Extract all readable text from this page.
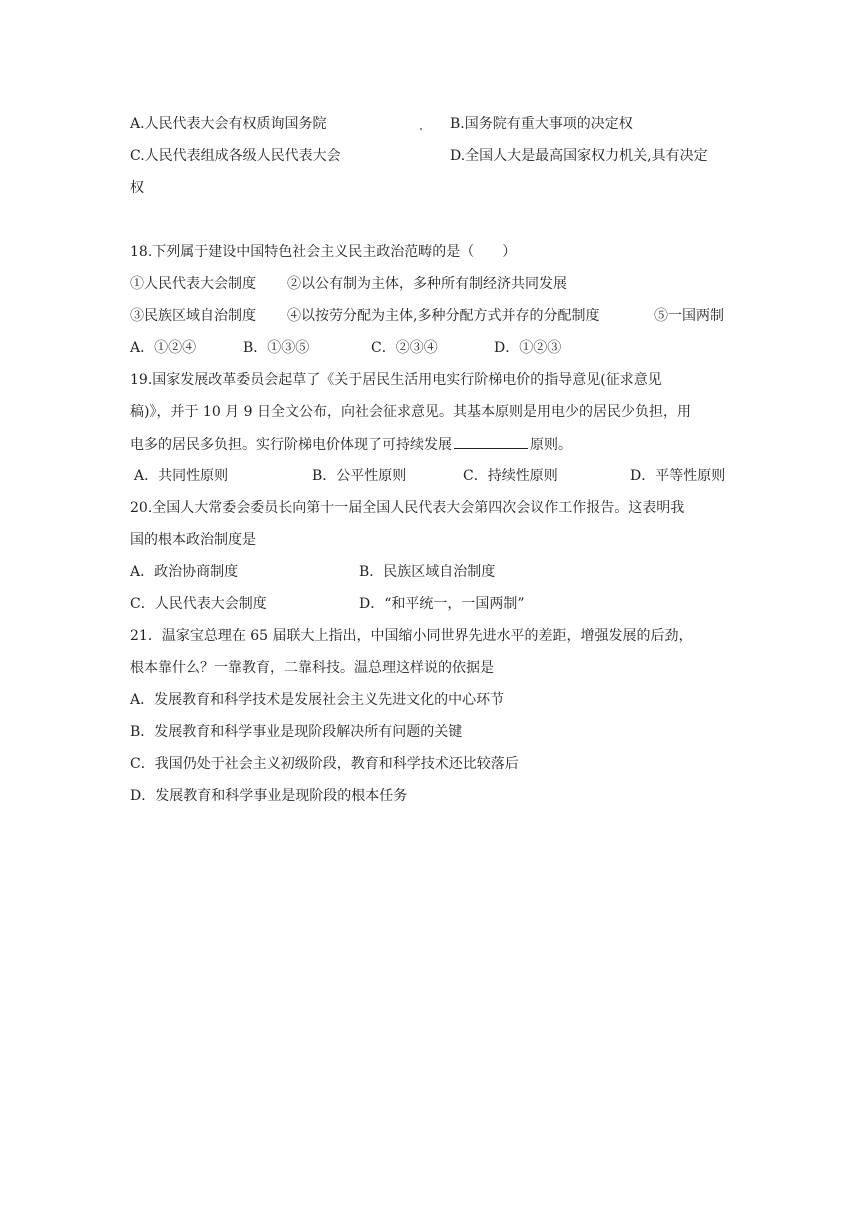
A.人民代表大会有权质询国务院	B.国务院有重大事项的决定权
C.人民代表组成各级人民代表大会	D.全国人大是最高国家权力机关,具有决定
权
18.下列属于建设中国特色社会主义民主政治范畴的是（　　）
①人民代表大会制度 ②以公有制为主体，多种所有制经济共同发展
③民族区域自治制度 ④以按劳分配为主体,多种分配方式并存的分配制度	⑤一国两制
A．①②④	B．①③⑤	C．②③④	D．①②③
19.国家发展改革委员会起草了《关于居民生活用电实行阶梯电价的指导意见(征求意见
稿)》，并于 10 月 9 日全文公布，向社会征求意见。其基本原则是用电少的居民少负担，用
电多的居民多负担。实行阶梯电价体现了可持续发展	原则。
A．共同性原则	B．公平性原则	C．持续性原则	D．平等性原则
20.全国人大常委会委员长向第十一届全国人民代表大会第四次会议作工作报告。这表明我
国的根本政治制度是
A．政治协商制度	B．民族区域自治制度
C．人民代表大会制度	D．“和平统一，一国两制”
21．温家宝总理在 65 届联大上指出，中国缩小同世界先进水平的差距，增强发展的后劲，
根本靠什么？一靠教育，二靠科技。温总理这样说的依据是
A．发展教育和科学技术是发展社会主义先进文化的中心环节
B．发展教育和科学事业是现阶段解决所有问题的关键
C．我国仍处于社会主义初级阶段，教育和科学技术还比较落后
D．发展教育和科学事业是现阶段的根本任务
